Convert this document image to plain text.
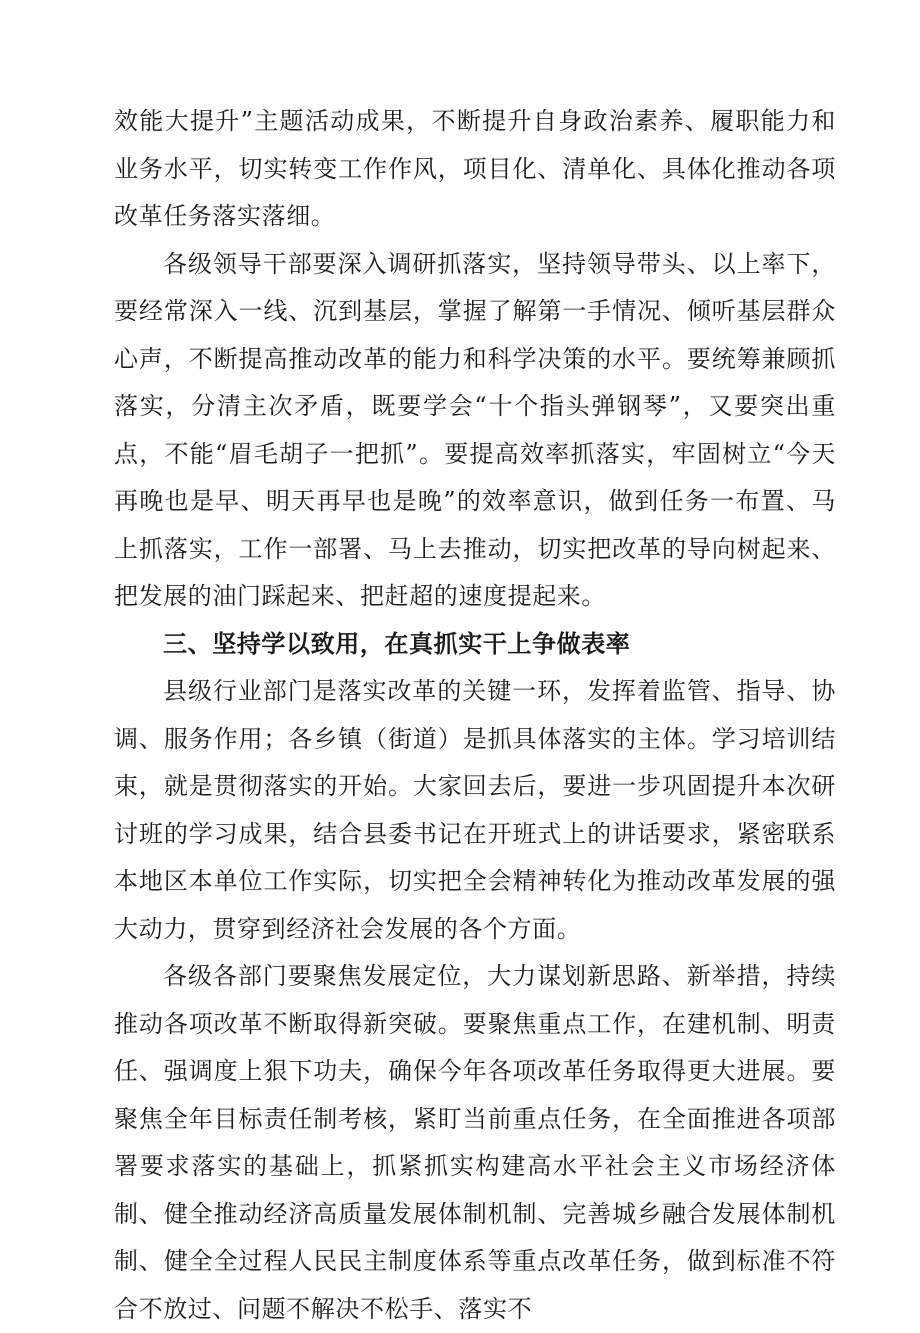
效能大提升”主题活动成果，不断提升自身政治素养、履职能力和业务水平，切实转变工作作风，项目化、清单化、具体化推动各项改革任务落实落细。

各级领导干部要深入调研抓落实，坚持领导带头、以上率下，要经常深入一线、沉到基层，掌握了解第一手情况、倾听基层群众心声，不断提高推动改革的能力和科学决策的水平。要统筹兼顾抓落实，分清主次矛盾，既要学会“十个指头弹钢琴”，又要突出重点，不能“眉毛胡子一把抓”。要提高效率抓落实，牢固树立“今天再晚也是早、明天再早也是晚”的效率意识，做到任务一布置、马上抓落实，工作一部署、马上去推动，切实把改革的导向树起来、把发展的油门踩起来、把赶超的速度提起来。

三、坚持学以致用，在真抓实干上争做表率

县级行业部门是落实改革的关键一环，发挥着监管、指导、协调、服务作用；各乡镇（街道）是抓具体落实的主体。学习培训结束，就是贯彻落实的开始。大家回去后，要进一步巩固提升本次研讨班的学习成果，结合县委书记在开班式上的讲话要求，紧密联系本地区本单位工作实际，切实把全会精神转化为推动改革发展的强大动力，贯穿到经济社会发展的各个方面。

各级各部门要聚焦发展定位，大力谋划新思路、新举措，持续推动各项改革不断取得新突破。要聚焦重点工作，在建机制、明责任、强调度上狠下功夫，确保今年各项改革任务取得更大进展。要聚焦全年目标责任制考核，紧盯当前重点任务，在全面推进各项部署要求落实的基础上，抓紧抓实构建高水平社会主义市场经济体制、健全推动经济高质量发展体制机制、完善城乡融合发展体制机制、健全全过程人民民主制度体系等重点改革任务，做到标准不符合不放过、问题不解决不松手、落实不
